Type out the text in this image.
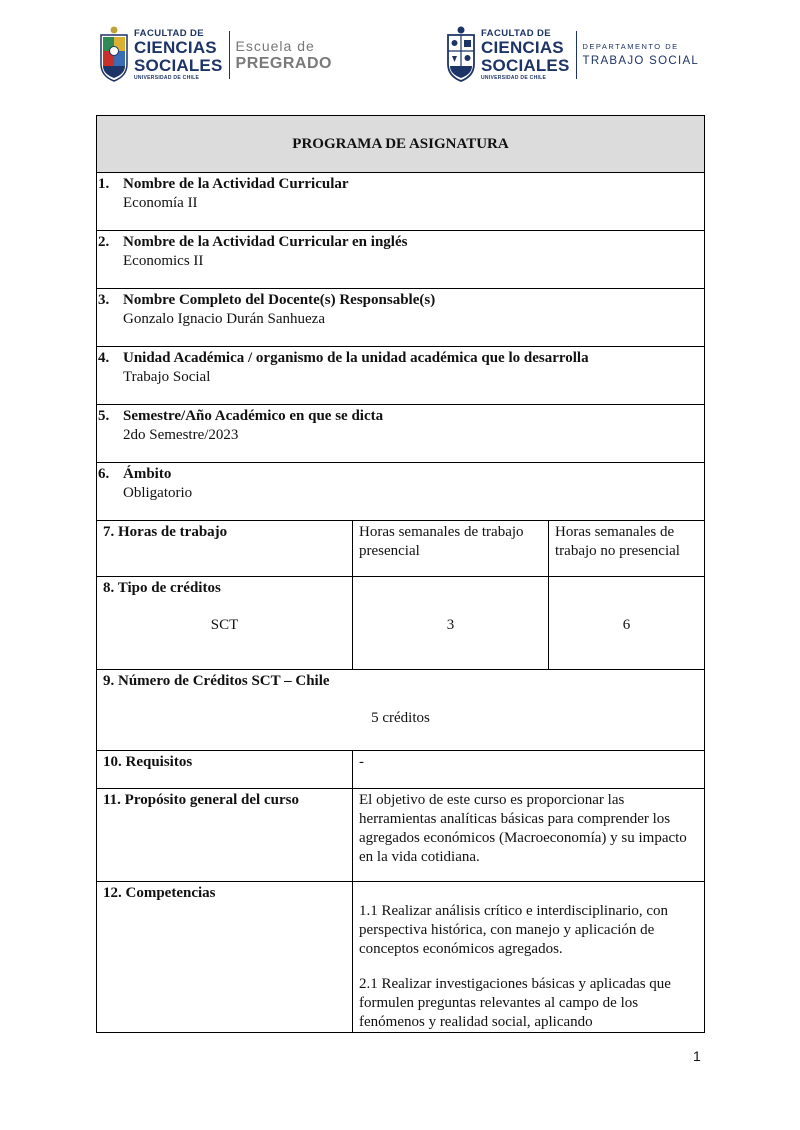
FACULTAD DE
CIENCIAS
SOCIALES
UNIVERSIDAD DE CHILE
Escuela de
PREGRADO
FACULTAD DE
CIENCIAS
SOCIALES
UNIVERSIDAD DE CHILE
DEPARTAMENTO DE
TRABAJO SOCIAL
PROGRAMA DE ASIGNATURA		

1. Nombre de la Actividad Curricular
Economía II		

2. Nombre de la Actividad Curricular en inglés
Economics II		

3. Nombre Completo del Docente(s) Responsable(s)
Gonzalo Ignacio Durán Sanhueza		

4. Unidad Académica / organismo de la unidad académica que lo desarrolla
Trabajo Social		

5. Semestre/Año Académico en que se dicta
2do Semestre/2023		

6. Ámbito
Obligatorio		

7. Horas de trabajo	Horas semanales de trabajo presencial	Horas semanales de trabajo no presencial

8. Tipo de créditos
SCT	3	6

9. Número de Créditos SCT – Chile
5 créditos		

10. Requisitos	-	
11. Propósito general del curso	El objetivo de este curso es proporcionar las herramientas analíticas básicas para comprender los agregados económicos (Macroeconomía) y su impacto en la vida cotidiana.	
12. Competencias	1.1 Realizar análisis crítico e interdisciplinario, con perspectiva histórica, con manejo y aplicación de conceptos económicos agregados.
2.1 Realizar investigaciones básicas y aplicadas que formulen preguntas relevantes al campo de los fenómenos y realidad social, aplicando	
1
